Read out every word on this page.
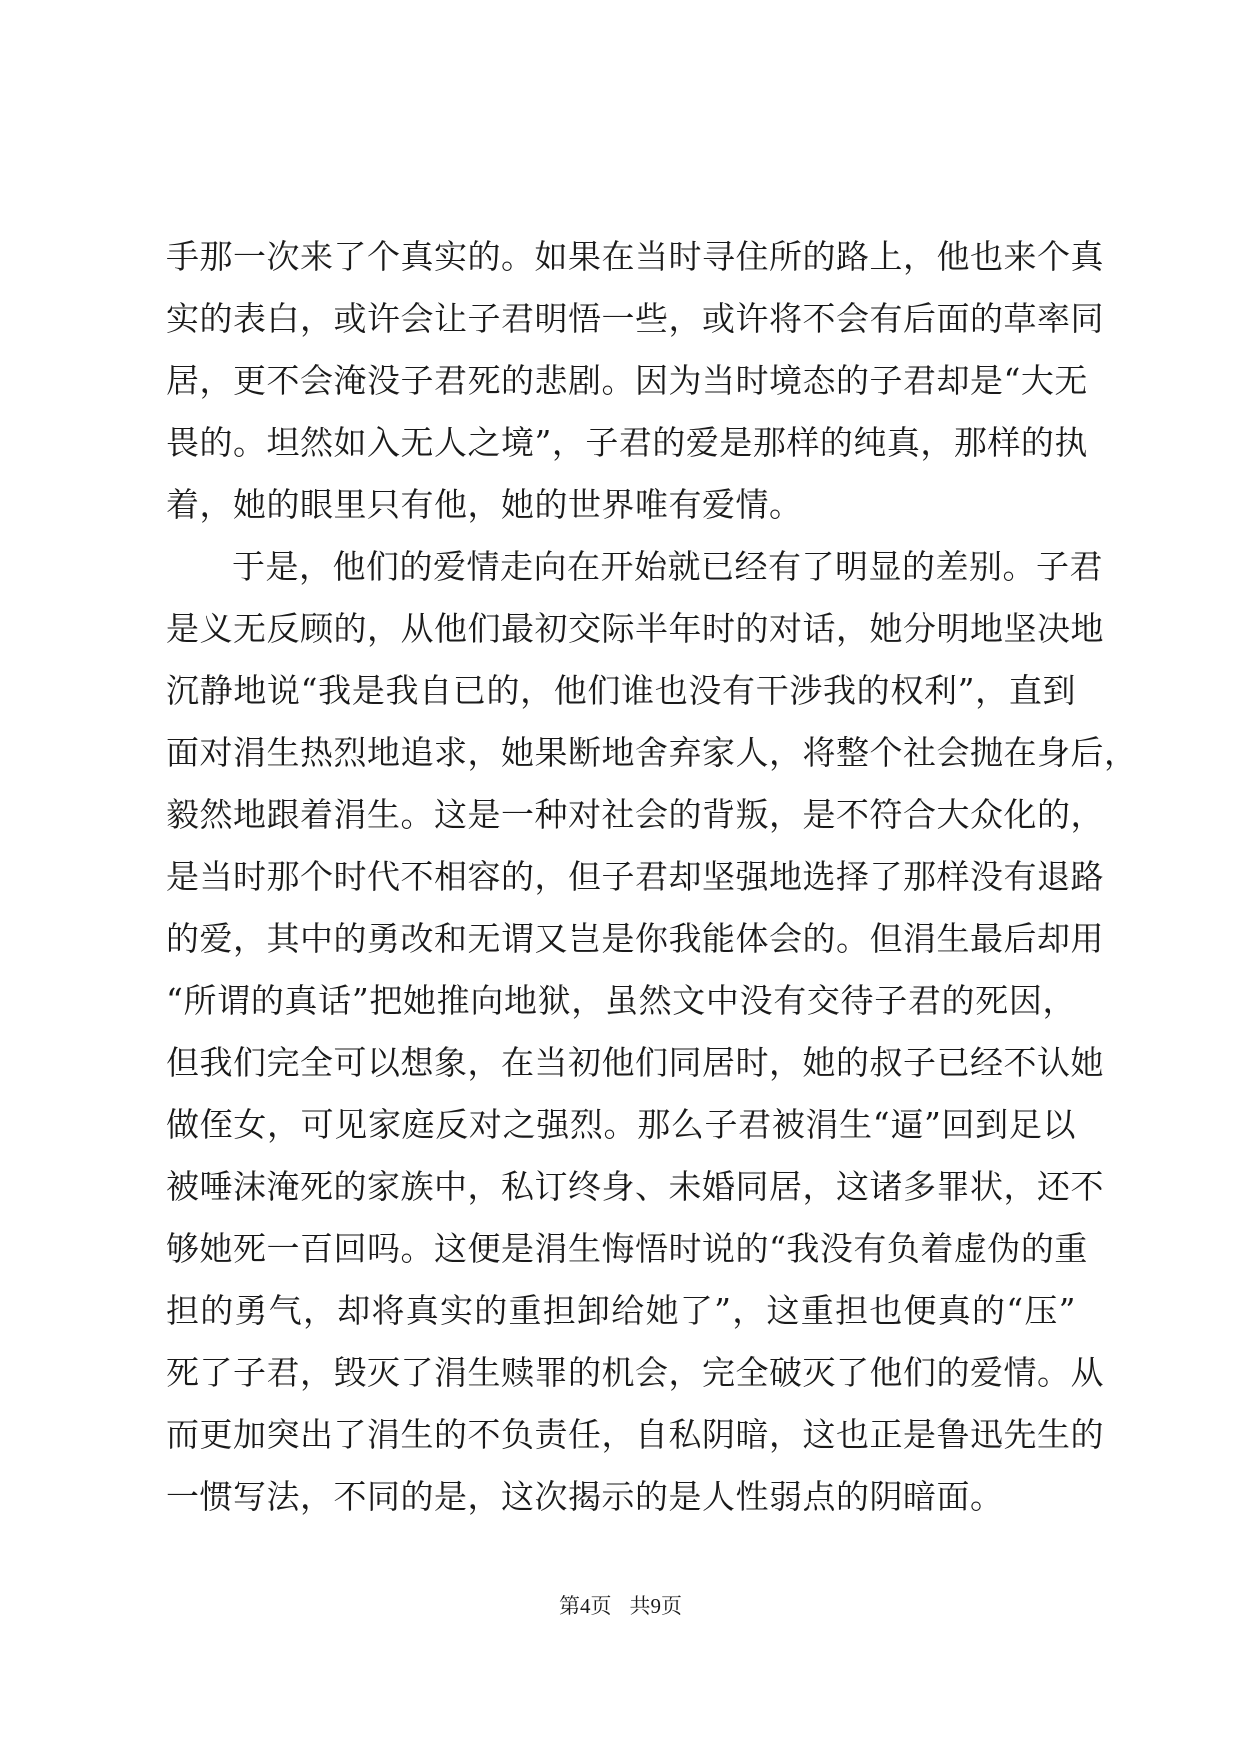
手那一次来了个真实的。如果在当时寻住所的路上，他也来个真
实的表白，或许会让子君明悟一些，或许将不会有后面的草率同
居，更不会淹没子君死的悲剧。因为当时境态的子君却是“大无
畏的。坦然如入无人之境”，子君的爱是那样的纯真，那样的执
着，她的眼里只有他，她的世界唯有爱情。
于是，他们的爱情走向在开始就已经有了明显的差别。子君
是义无反顾的，从他们最初交际半年时的对话，她分明地坚决地
沉静地说“我是我自已的，他们谁也没有干涉我的权利”，直到
面对涓生热烈地追求，她果断地舍弃家人，将整个社会抛在身后，
毅然地跟着涓生。这是一种对社会的背叛，是不符合大众化的，
是当时那个时代不相容的，但子君却坚强地选择了那样没有退路
的爱，其中的勇改和无谓又岂是你我能体会的。但涓生最后却用
“所谓的真话”把她推向地狱，虽然文中没有交待子君的死因，
但我们完全可以想象，在当初他们同居时，她的叔子已经不认她
做侄女，可见家庭反对之强烈。那么子君被涓生“逼”回到足以
被唾沫淹死的家族中，私订终身、未婚同居，这诸多罪状，还不
够她死一百回吗。这便是涓生悔悟时说的“我没有负着虚伪的重
担的勇气，却将真实的重担卸给她了”，这重担也便真的“压”
死了子君，毁灭了涓生赎罪的机会，完全破灭了他们的爱情。从
而更加突出了涓生的不负责任，自私阴暗，这也正是鲁迅先生的
一惯写法，不同的是，这次揭示的是人性弱点的阴暗面。
第4页 共9页
